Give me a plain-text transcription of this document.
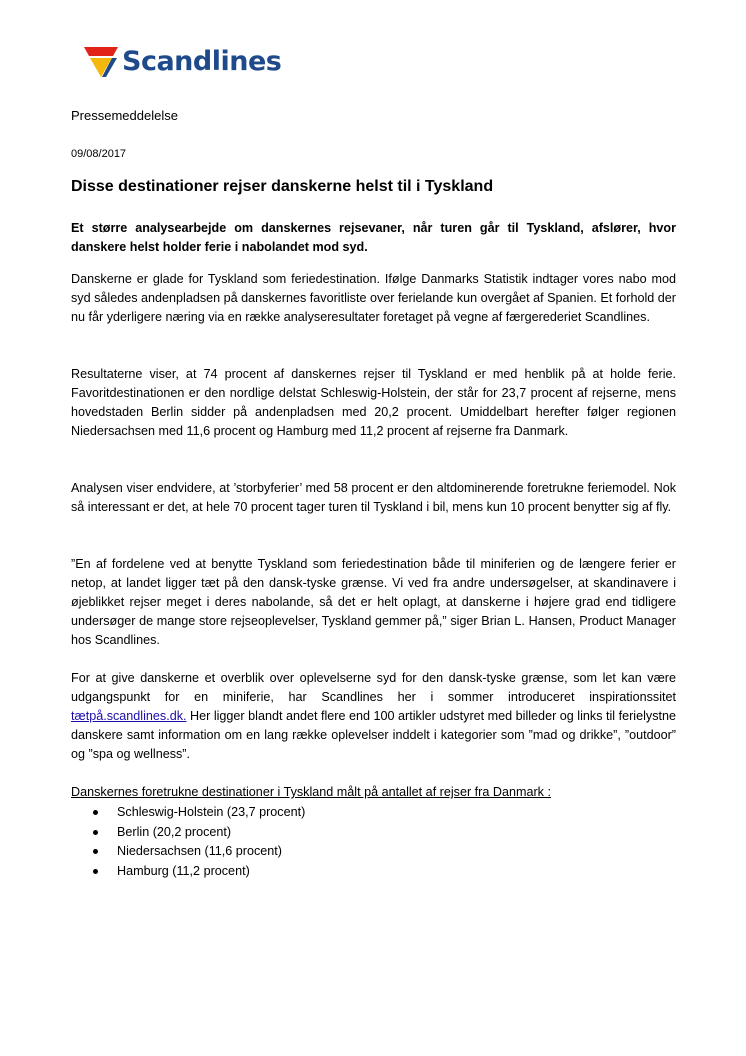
Scandlines
Pressemeddelelse
09/08/2017
Disse destinationer rejser danskerne helst til i Tyskland

Et større analysearbejde om danskernes rejsevaner, når turen går til Tyskland, afslører, hvor danskere helst holder ferie i nabolandet mod syd.

Danskerne er glade for Tyskland som feriedestination. Ifølge Danmarks Statistik indtager vores nabo mod syd således andenpladsen på danskernes favoritliste over ferielande kun overgået af Spanien. Et forhold der nu får yderligere næring via en række analyseresultater foretaget på vegne af færgerederiet Scandlines.

Resultaterne viser, at 74 procent af danskernes rejser til Tyskland er med henblik på at holde ferie. Favoritdestinationen er den nordlige delstat Schleswig-Holstein, der står for 23,7 procent af rejserne, mens hovedstaden Berlin sidder på andenpladsen med 20,2 procent. Umiddelbart herefter følger regionen Niedersachsen med 11,6 procent og Hamburg med 11,2 procent af rejserne fra Danmark.

Analysen viser endvidere, at ’storbyferier’ med 58 procent er den altdominerende foretrukne feriemodel. Nok så interessant er det, at hele 70 procent tager turen til Tyskland i bil, mens kun 10 procent benytter sig af fly.

”En af fordelene ved at benytte Tyskland som feriedestination både til miniferien og de længere ferier er netop, at landet ligger tæt på den dansk-tyske grænse. Vi ved fra andre undersøgelser, at skandinavere i øjeblikket rejser meget i deres nabolande, så det er helt oplagt, at danskerne i højere grad end tidligere undersøger de mange store rejseoplevelser, Tyskland gemmer på,” siger Brian L. Hansen, Product Manager hos Scandlines.

For at give danskerne et overblik over oplevelserne syd for den dansk-tyske grænse, som let kan være udgangspunkt for en miniferie, har Scandlines her i sommer introduceret inspirationssitet tætpå.scandlines.dk. Her ligger blandt andet flere end 100 artikler udstyret med billeder og links til ferielystne danskere samt information om en lang række oplevelser inddelt i kategorier som ”mad og drikke”, ”outdoor” og ”spa og wellness”.

Danskernes foretrukne destinationer i Tyskland målt på antallet af rejser fra Danmark :
Schleswig-Holstein (23,7 procent)
Berlin (20,2 procent)
Niedersachsen (11,6 procent)
Hamburg (11,2 procent)
